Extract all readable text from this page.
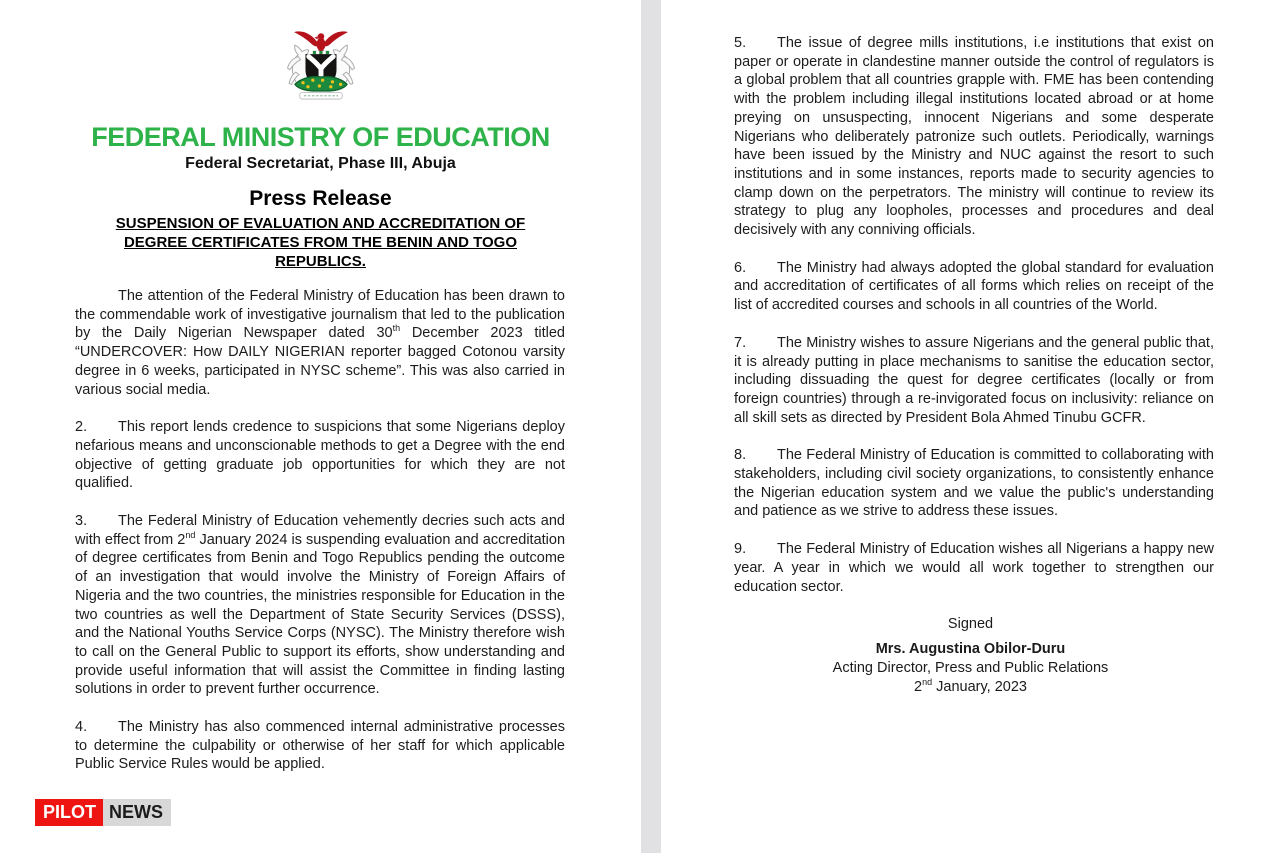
FEDERAL MINISTRY OF EDUCATION
Federal Secretariat, Phase III, Abuja
Press Release
SUSPENSION OF EVALUATION AND ACCREDITATION OF
DEGREE CERTIFICATES FROM THE BENIN AND TOGO
REPUBLICS.

The attention of the Federal Ministry of Education has been drawn to the commendable work of investigative journalism that led to the publication by the Daily Nigerian Newspaper dated 30th December 2023 titled “UNDERCOVER: How DAILY NIGERIAN reporter bagged Cotonou varsity degree in 6 weeks, participated in NYSC scheme”. This was also carried in various social media.

2. This report lends credence to suspicions that some Nigerians deploy nefarious means and unconscionable methods to get a Degree with the end objective of getting graduate job opportunities for which they are not qualified.

3. The Federal Ministry of Education vehemently decries such acts and with effect from 2nd January 2024 is suspending evaluation and accreditation of degree certificates from Benin and Togo Republics pending the outcome of an investigation that would involve the Ministry of Foreign Affairs of Nigeria and the two countries, the ministries responsible for Education in the two countries as well the Department of State Security Services (DSSS), and the National Youths Service Corps (NYSC). The Ministry therefore wish to call on the General Public to support its efforts, show understanding and provide useful information that will assist the Committee in finding lasting solutions in order to prevent further occurrence.

4. The Ministry has also commenced internal administrative processes to determine the culpability or otherwise of her staff for which applicable Public Service Rules would be applied.

PILOT NEWS

5. The issue of degree mills institutions, i.e institutions that exist on paper or operate in clandestine manner outside the control of regulators is a global problem that all countries grapple with. FME has been contending with the problem including illegal institutions located abroad or at home preying on unsuspecting, innocent Nigerians and some desperate Nigerians who deliberately patronize such outlets. Periodically, warnings have been issued by the Ministry and NUC against the resort to such institutions and in some instances, reports made to security agencies to clamp down on the perpetrators. The ministry will continue to review its strategy to plug any loopholes, processes and procedures and deal decisively with any conniving officials.

6. The Ministry had always adopted the global standard for evaluation and accreditation of certificates of all forms which relies on receipt of the list of accredited courses and schools in all countries of the World.

7. The Ministry wishes to assure Nigerians and the general public that, it is already putting in place mechanisms to sanitise the education sector, including dissuading the quest for degree certificates (locally or from foreign countries) through a re-invigorated focus on inclusivity: reliance on all skill sets as directed by President Bola Ahmed Tinubu GCFR.

8. The Federal Ministry of Education is committed to collaborating with stakeholders, including civil society organizations, to consistently enhance the Nigerian education system and we value the public's understanding and patience as we strive to address these issues.

9. The Federal Ministry of Education wishes all Nigerians a happy new year. A year in which we would all work together to strengthen our education sector.

Signed
Mrs. Augustina Obilor-Duru
Acting Director, Press and Public Relations
2nd January, 2023
